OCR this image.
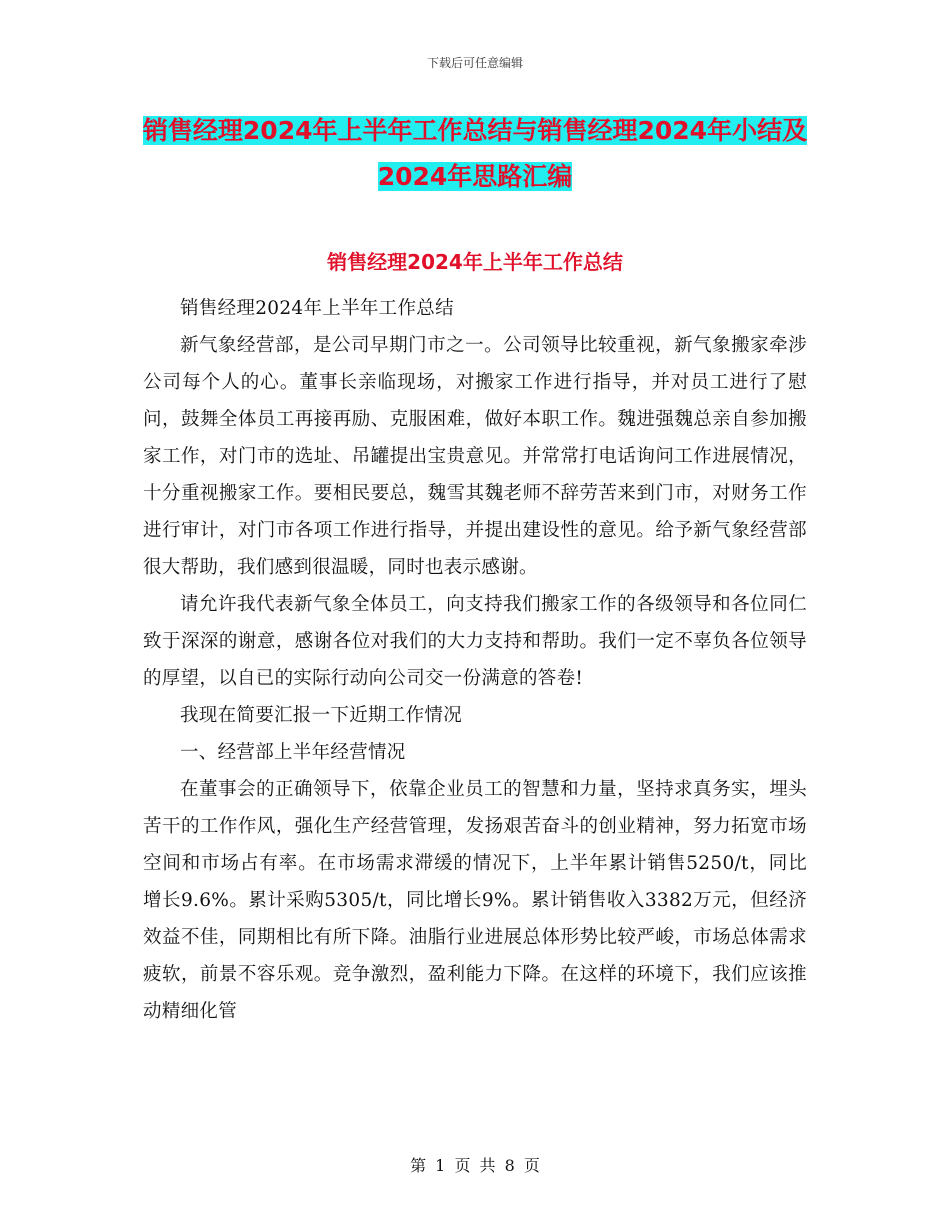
下载后可任意编辑
销售经理2024年上半年工作总结与销售经理2024年小结及2024年思路汇编
销售经理2024年上半年工作总结

销售经理2024年上半年工作总结

新气象经营部，是公司早期门市之一。公司领导比较重视，新气象搬家牵涉公司每个人的心。董事长亲临现场，对搬家工作进行指导，并对员工进行了慰问，鼓舞全体员工再接再励、克服困难，做好本职工作。魏进强魏总亲自参加搬家工作，对门市的选址、吊罐提出宝贵意见。并常常打电话询问工作进展情况，十分重视搬家工作。要相民要总，魏雪其魏老师不辞劳苦来到门市，对财务工作进行审计，对门市各项工作进行指导，并提出建设性的意见。给予新气象经营部很大帮助，我们感到很温暖，同时也表示感谢。

请允许我代表新气象全体员工，向支持我们搬家工作的各级领导和各位同仁致于深深的谢意，感谢各位对我们的大力支持和帮助。我们一定不辜负各位领导的厚望，以自已的实际行动向公司交一份满意的答卷!

我现在简要汇报一下近期工作情况

一、经营部上半年经营情况

在董事会的正确领导下，依靠企业员工的智慧和力量，坚持求真务实，埋头苦干的工作作风，强化生产经营管理，发扬艰苦奋斗的创业精神，努力拓宽市场空间和市场占有率。在市场需求滞缓的情况下，上半年累计销售5250/t，同比增长9.6%。累计采购5305/t，同比增长9%。累计销售收入3382万元，但经济效益不佳，同期相比有所下降。油脂行业进展总体形势比较严峻，市场总体需求疲软，前景不容乐观。竞争激烈，盈利能力下降。在这样的环境下，我们应该推动精细化管

第 1 页 共 8 页
